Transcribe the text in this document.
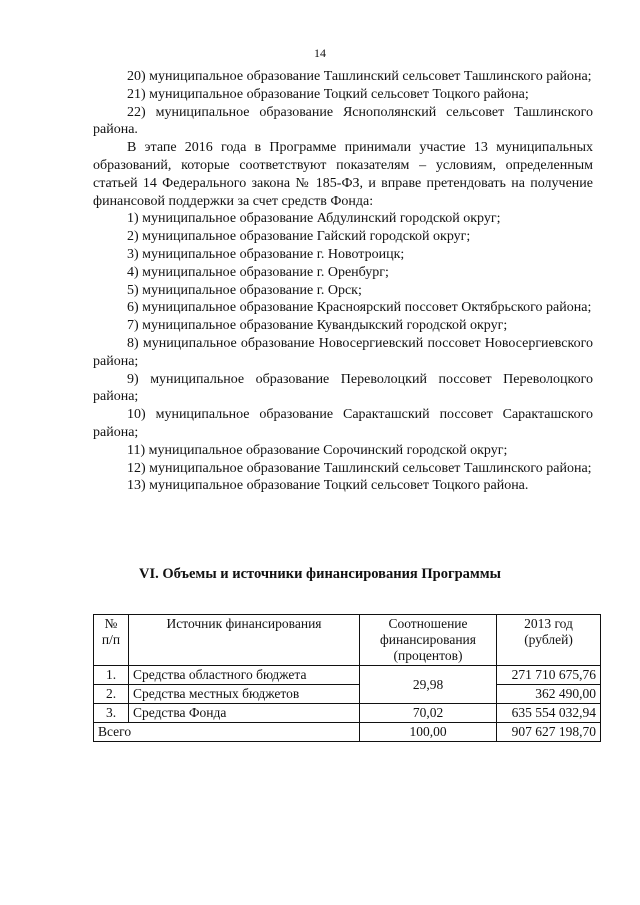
14

20) муниципальное образование Ташлинский сельсовет Ташлинского района;

21) муниципальное образование Тоцкий сельсовет Тоцкого района;

22) муниципальное образование Яснополянский сельсовет Ташлинского района.

В этапе 2016 года в Программе принимали участие 13 муниципальных образований, которые соответствуют показателям – условиям, определенным статьей 14 Федерального закона № 185-ФЗ, и вправе претендовать на получение финансовой поддержки за счет средств Фонда:

1) муниципальное образование Абдулинский городской округ;

2) муниципальное образование Гайский городской округ;

3) муниципальное образование г. Новотроицк;

4) муниципальное образование г. Оренбург;

5) муниципальное образование г. Орск;

6) муниципальное образование Красноярский поссовет Октябрьского района;

7) муниципальное образование Кувандыкский городской округ;

8) муниципальное образование Новосергиевский поссовет Новосергиевского района;

9) муниципальное образование Переволоцкий поссовет Переволоцкого района;

10) муниципальное образование Саракташский поссовет Саракташского района;

11) муниципальное образование Сорочинский городской округ;

12) муниципальное образование Ташлинский сельсовет Ташлинского района;

13) муниципальное образование Тоцкий сельсовет Тоцкого района.

VI. Объемы и источники финансирования Программы
№ п/п	Источник финансирования	Соотношение финансирования (процентов)	2013 год (рублей)
1.	Средства областного бюджета	29,98	271 710 675,76
2.	Средства местных бюджетов		362 490,00
3.	Средства Фонда	70,02	635 554 032,94
Всего		100,00	907 627 198,70
